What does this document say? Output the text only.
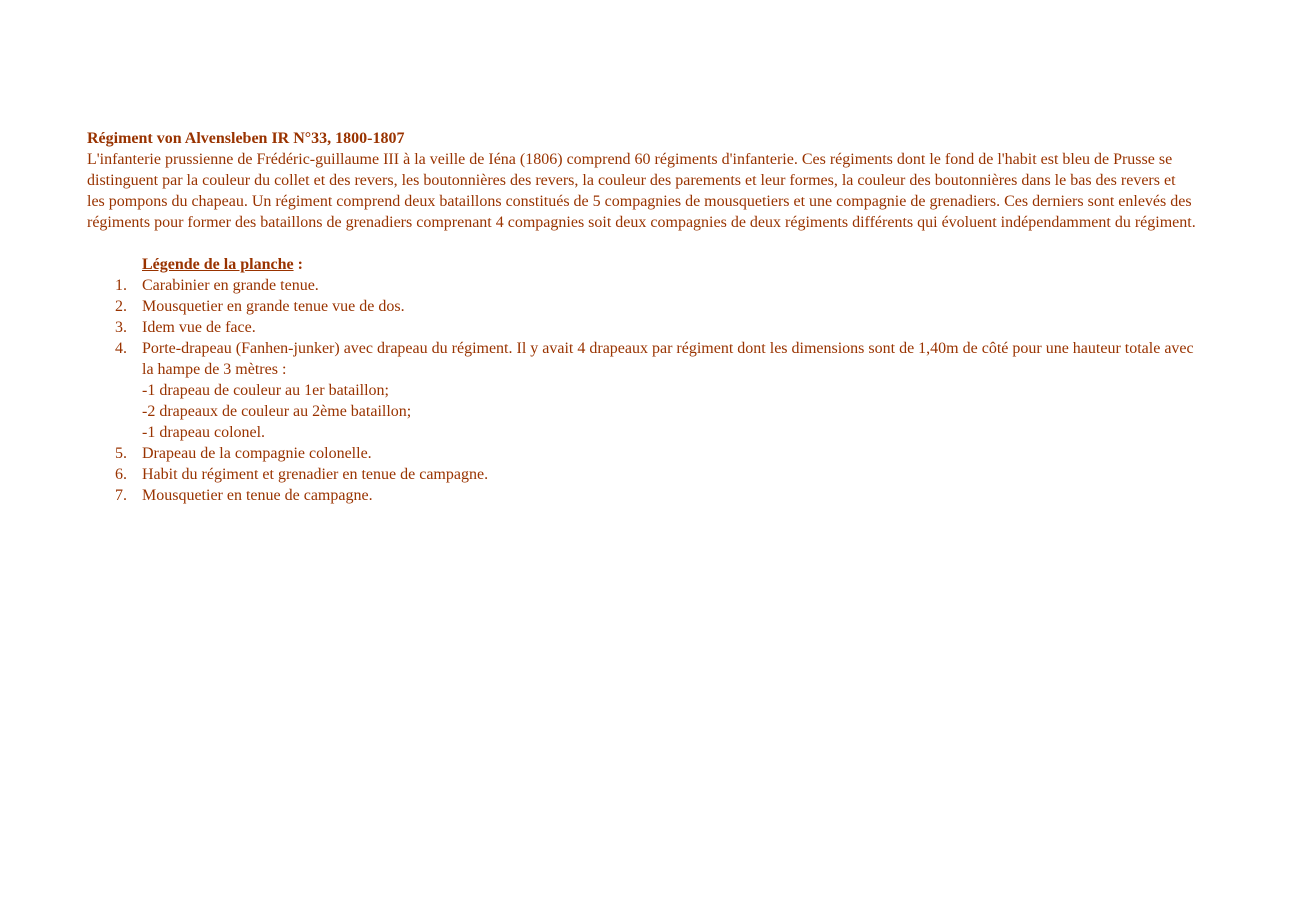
Régiment von Alvensleben IR N°33, 1800-1807

L'infanterie prussienne de Frédéric-guillaume III à la veille de Iéna (1806) comprend 60 régiments d'infanterie. Ces régiments dont le fond de l'habit est bleu de Prusse se distinguent par la couleur du collet et des revers, les boutonnières des revers, la couleur des parements et leur formes, la couleur des boutonnières dans le bas des revers et les pompons du chapeau. Un régiment comprend deux bataillons constitués de 5 compagnies de mousquetiers et une compagnie de grenadiers. Ces derniers sont enlevés des régiments pour former des bataillons de grenadiers comprenant 4 compagnies soit deux compagnies de deux régiments différents qui évoluent indépendamment du régiment.

Légende de la planche :
1. Carabinier en grande tenue.
2. Mousquetier en grande tenue vue de dos.
3. Idem vue de face.
4. Porte-drapeau (Fanhen-junker) avec drapeau du régiment. Il y avait 4 drapeaux par régiment dont les dimensions sont de 1,40m de côté pour une hauteur totale avec la hampe de 3 mètres :
-1 drapeau de couleur au 1er bataillon;
-2 drapeaux de couleur au 2ème bataillon;
-1 drapeau colonel.
5. Drapeau de la compagnie colonelle.
6. Habit du régiment et grenadier en tenue de campagne.
7. Mousquetier en tenue de campagne.
